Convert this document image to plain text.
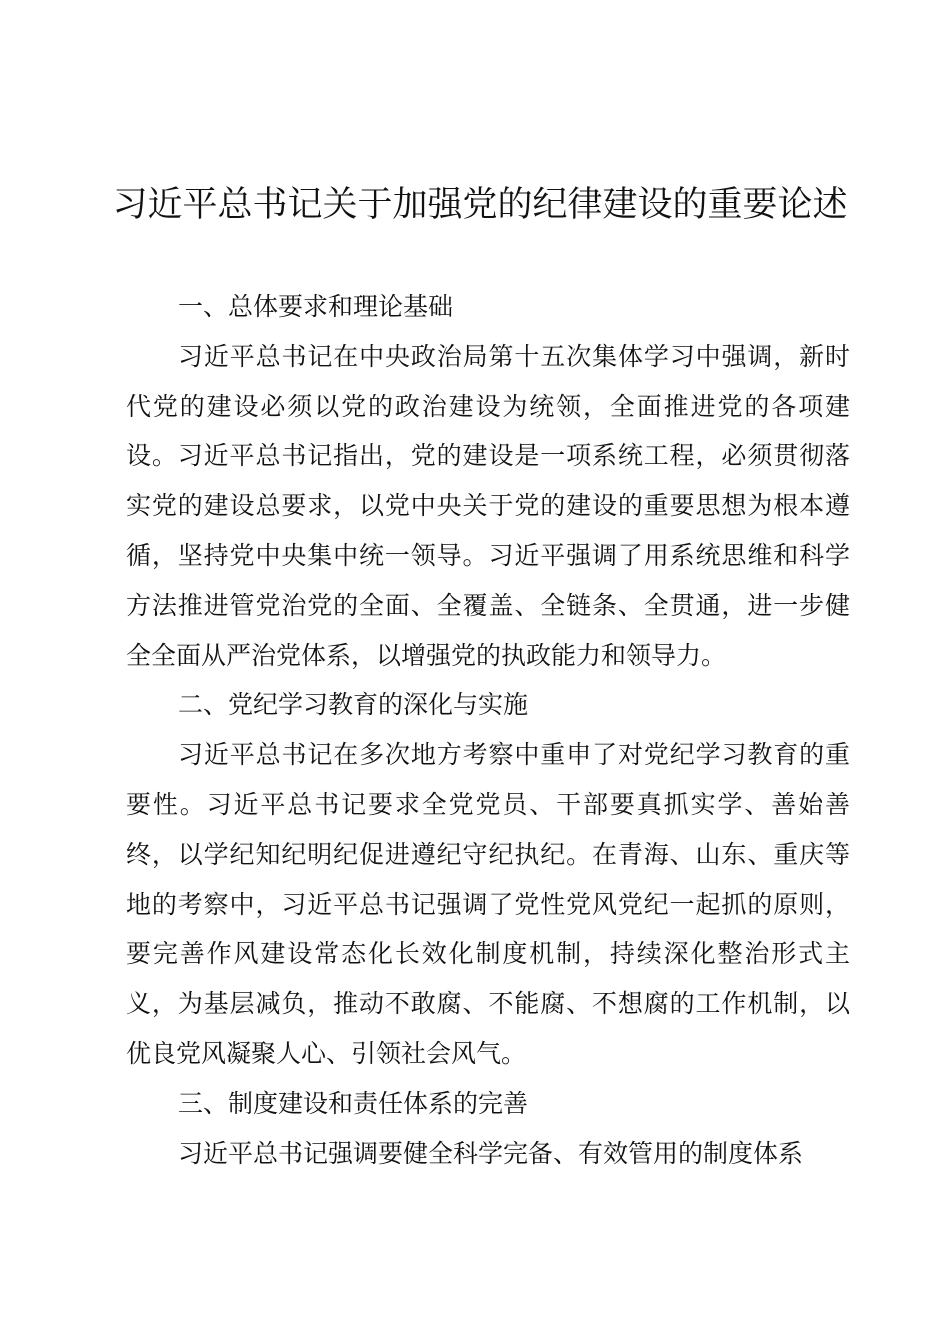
习近平总书记关于加强党的纪律建设的重要论述
一、总体要求和理论基础

习近平总书记在中央政治局第十五次集体学习中强调，新时代党的建设必须以党的政治建设为统领，全面推进党的各项建设。习近平总书记指出，党的建设是一项系统工程，必须贯彻落实党的建设总要求，以党中央关于党的建设的重要思想为根本遵循，坚持党中央集中统一领导。习近平强调了用系统思维和科学方法推进管党治党的全面、全覆盖、全链条、全贯通，进一步健全全面从严治党体系，以增强党的执政能力和领导力。

二、党纪学习教育的深化与实施

习近平总书记在多次地方考察中重申了对党纪学习教育的重要性。习近平总书记要求全党党员、干部要真抓实学、善始善终，以学纪知纪明纪促进遵纪守纪执纪。在青海、山东、重庆等地的考察中，习近平总书记强调了党性党风党纪一起抓的原则，要完善作风建设常态化长效化制度机制，持续深化整治形式主义，为基层减负，推动不敢腐、不能腐、不想腐的工作机制，以优良党风凝聚人心、引领社会风气。

三、制度建设和责任体系的完善

习近平总书记强调要健全科学完备、有效管用的制度体系
